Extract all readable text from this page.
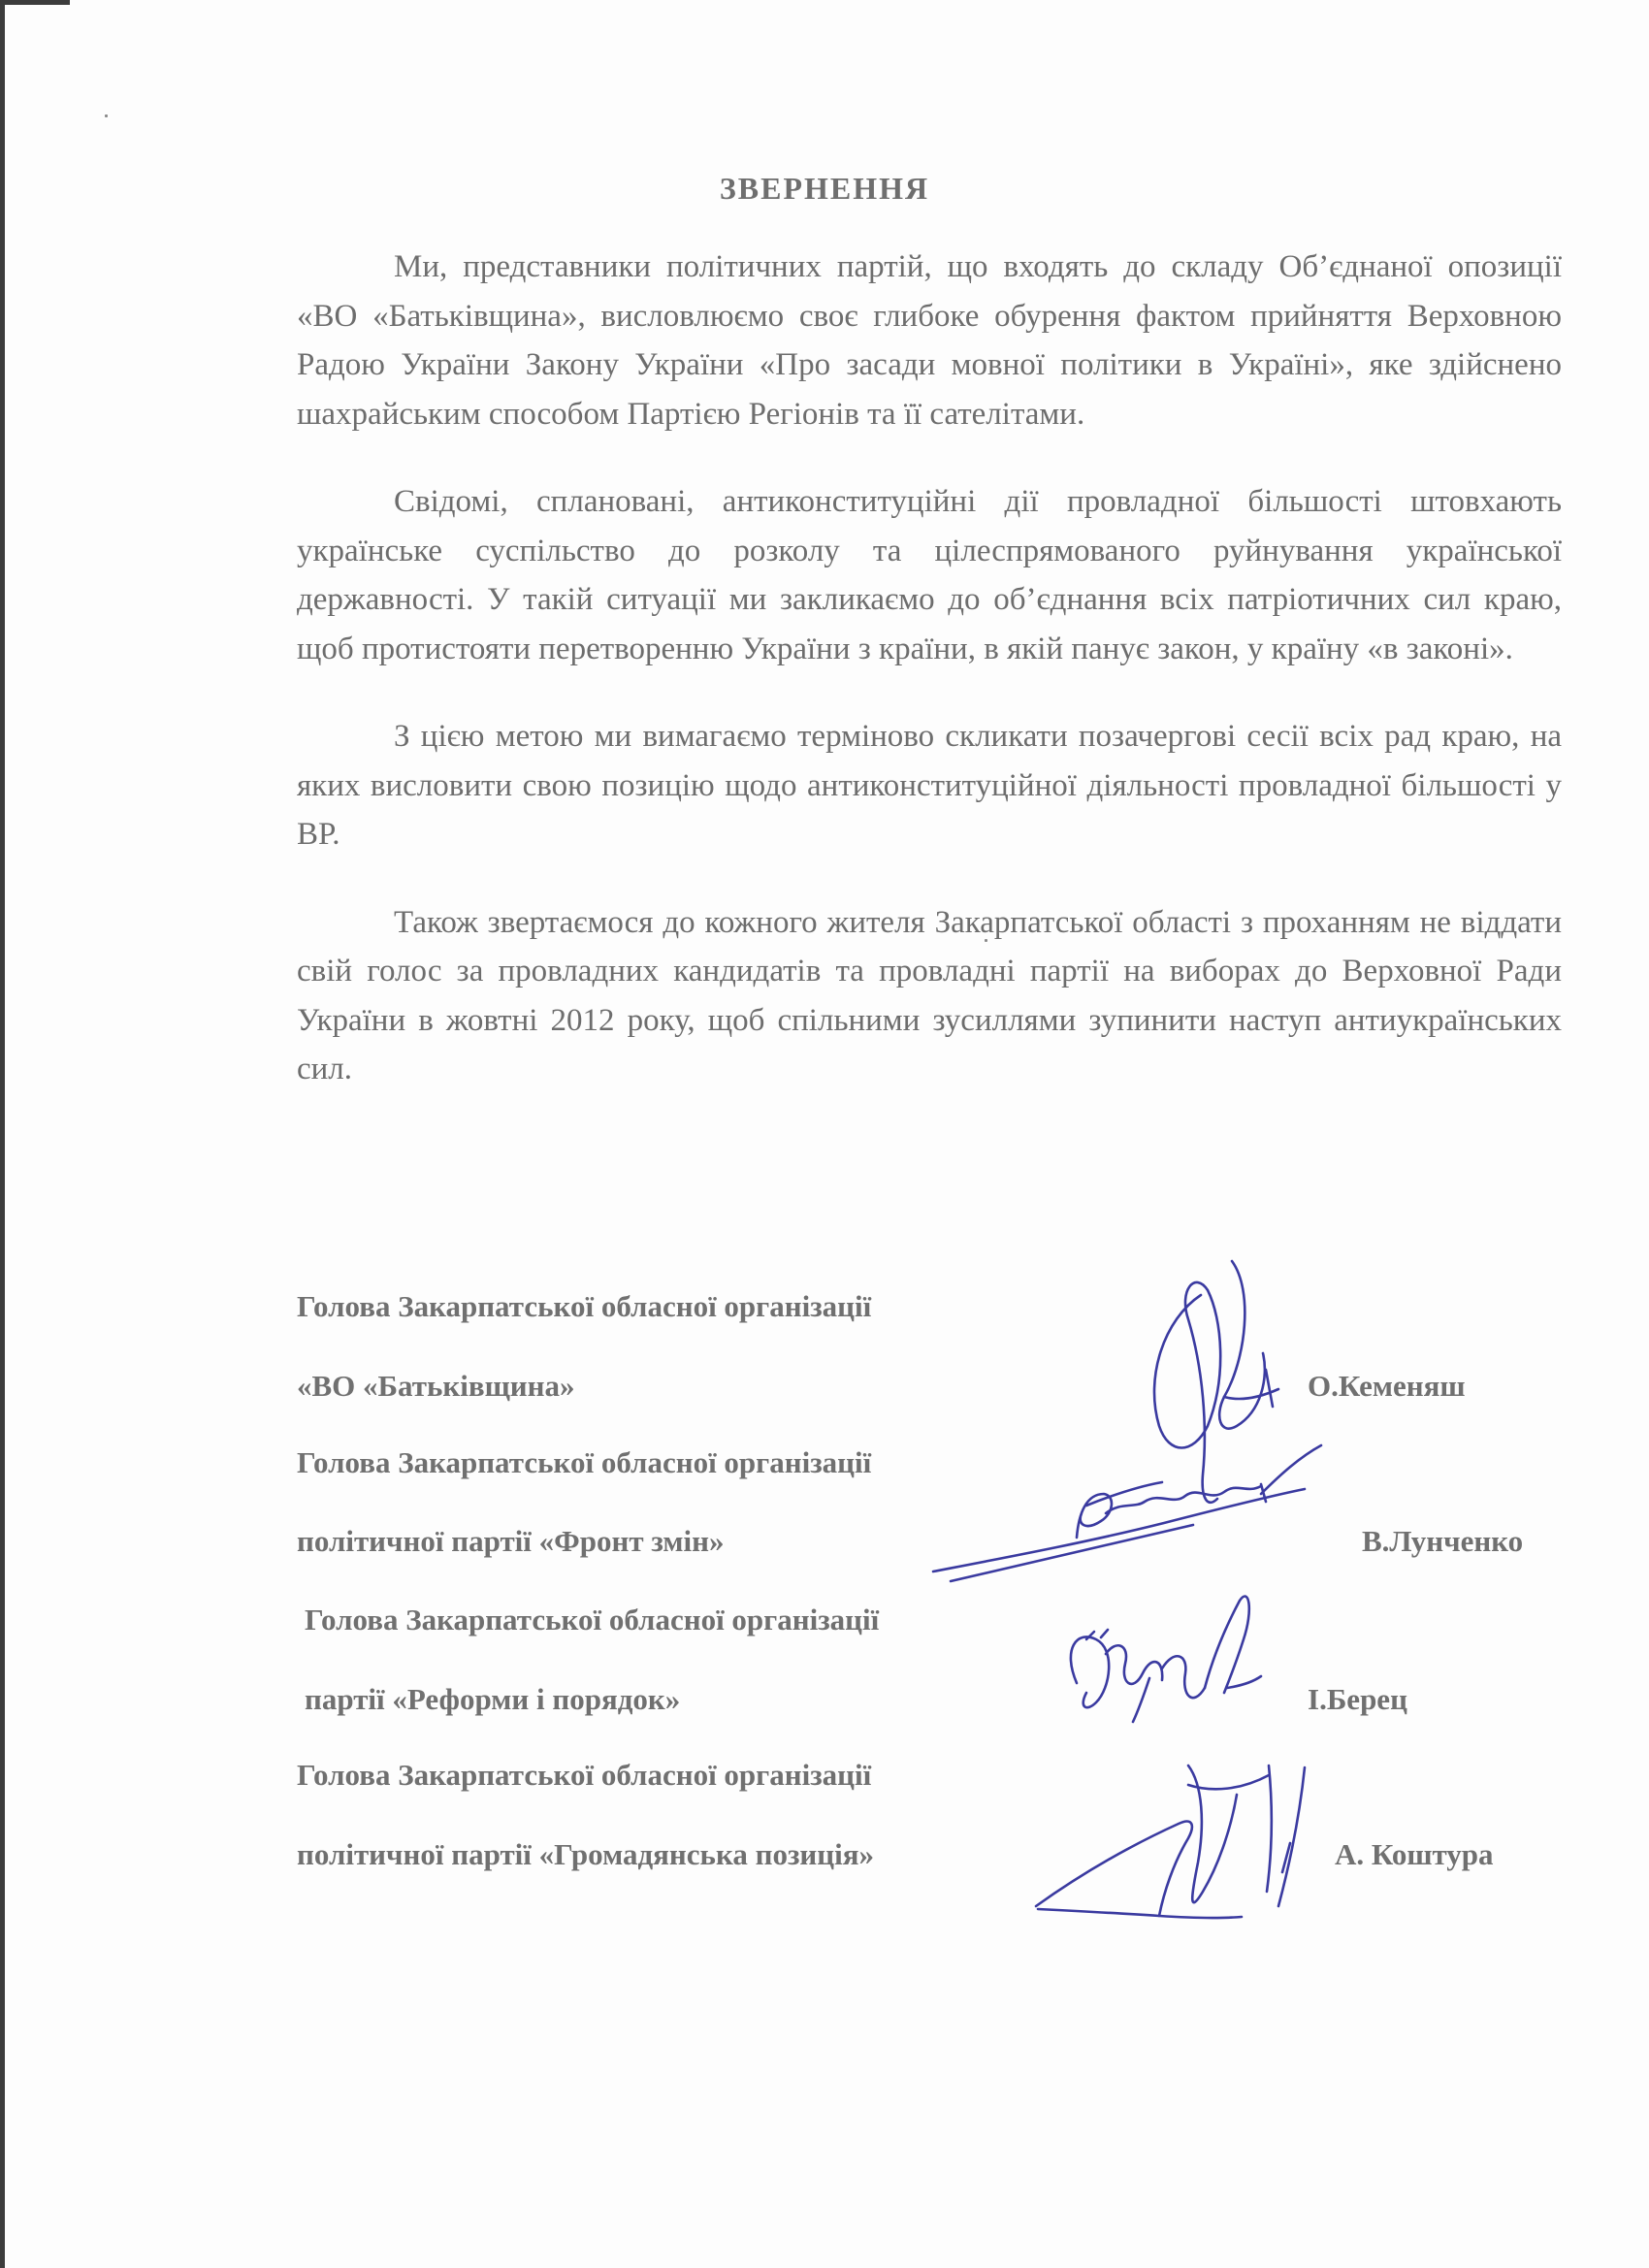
ЗВЕРНЕННЯ

Ми, представники політичних партій, що входять до складу Об’єднаної опозиції «ВО «Батьківщина», висловлюємо своє глибоке обурення фактом прийняття Верховною Радою України Закону України «Про засади мовної політики в Україні», яке здійснено шахрайським способом Партією Регіонів та її сателітами.

Свідомі, сплановані, антиконституційні дії провладної більшості штовхають українське суспільство до розколу та цілеспрямованого руйнування української державності. У такій ситуації ми закликаємо до об’єднання всіх патріотичних сил краю, щоб протистояти перетворенню України з країни, в якій панує закон, у країну «в законі».

З цією метою ми вимагаємо терміново скликати позачергові сесії всіх рад краю, на яких висловити свою позицію щодо антиконституційної діяльності провладної більшості у ВР.

Також звертаємося до кожного жителя Закарпатської області з проханням не віддати свій голос за провладних кандидатів та провладні партії на виборах до Верховної Ради України в жовтні 2012 року, щоб спільними зусиллями зупинити наступ антиукраїнських сил.

Голова Закарпатської обласної організації
«ВО «Батьківщина»	О.Кеменяш
Голова Закарпатської обласної організації
політичної партії «Фронт змін»	В.Лунченко
Голова Закарпатської обласної організації
партії «Реформи і порядок»	І.Берец
Голова Закарпатської обласної організації
політичної партії «Громадянська позиція»	А. Коштура
